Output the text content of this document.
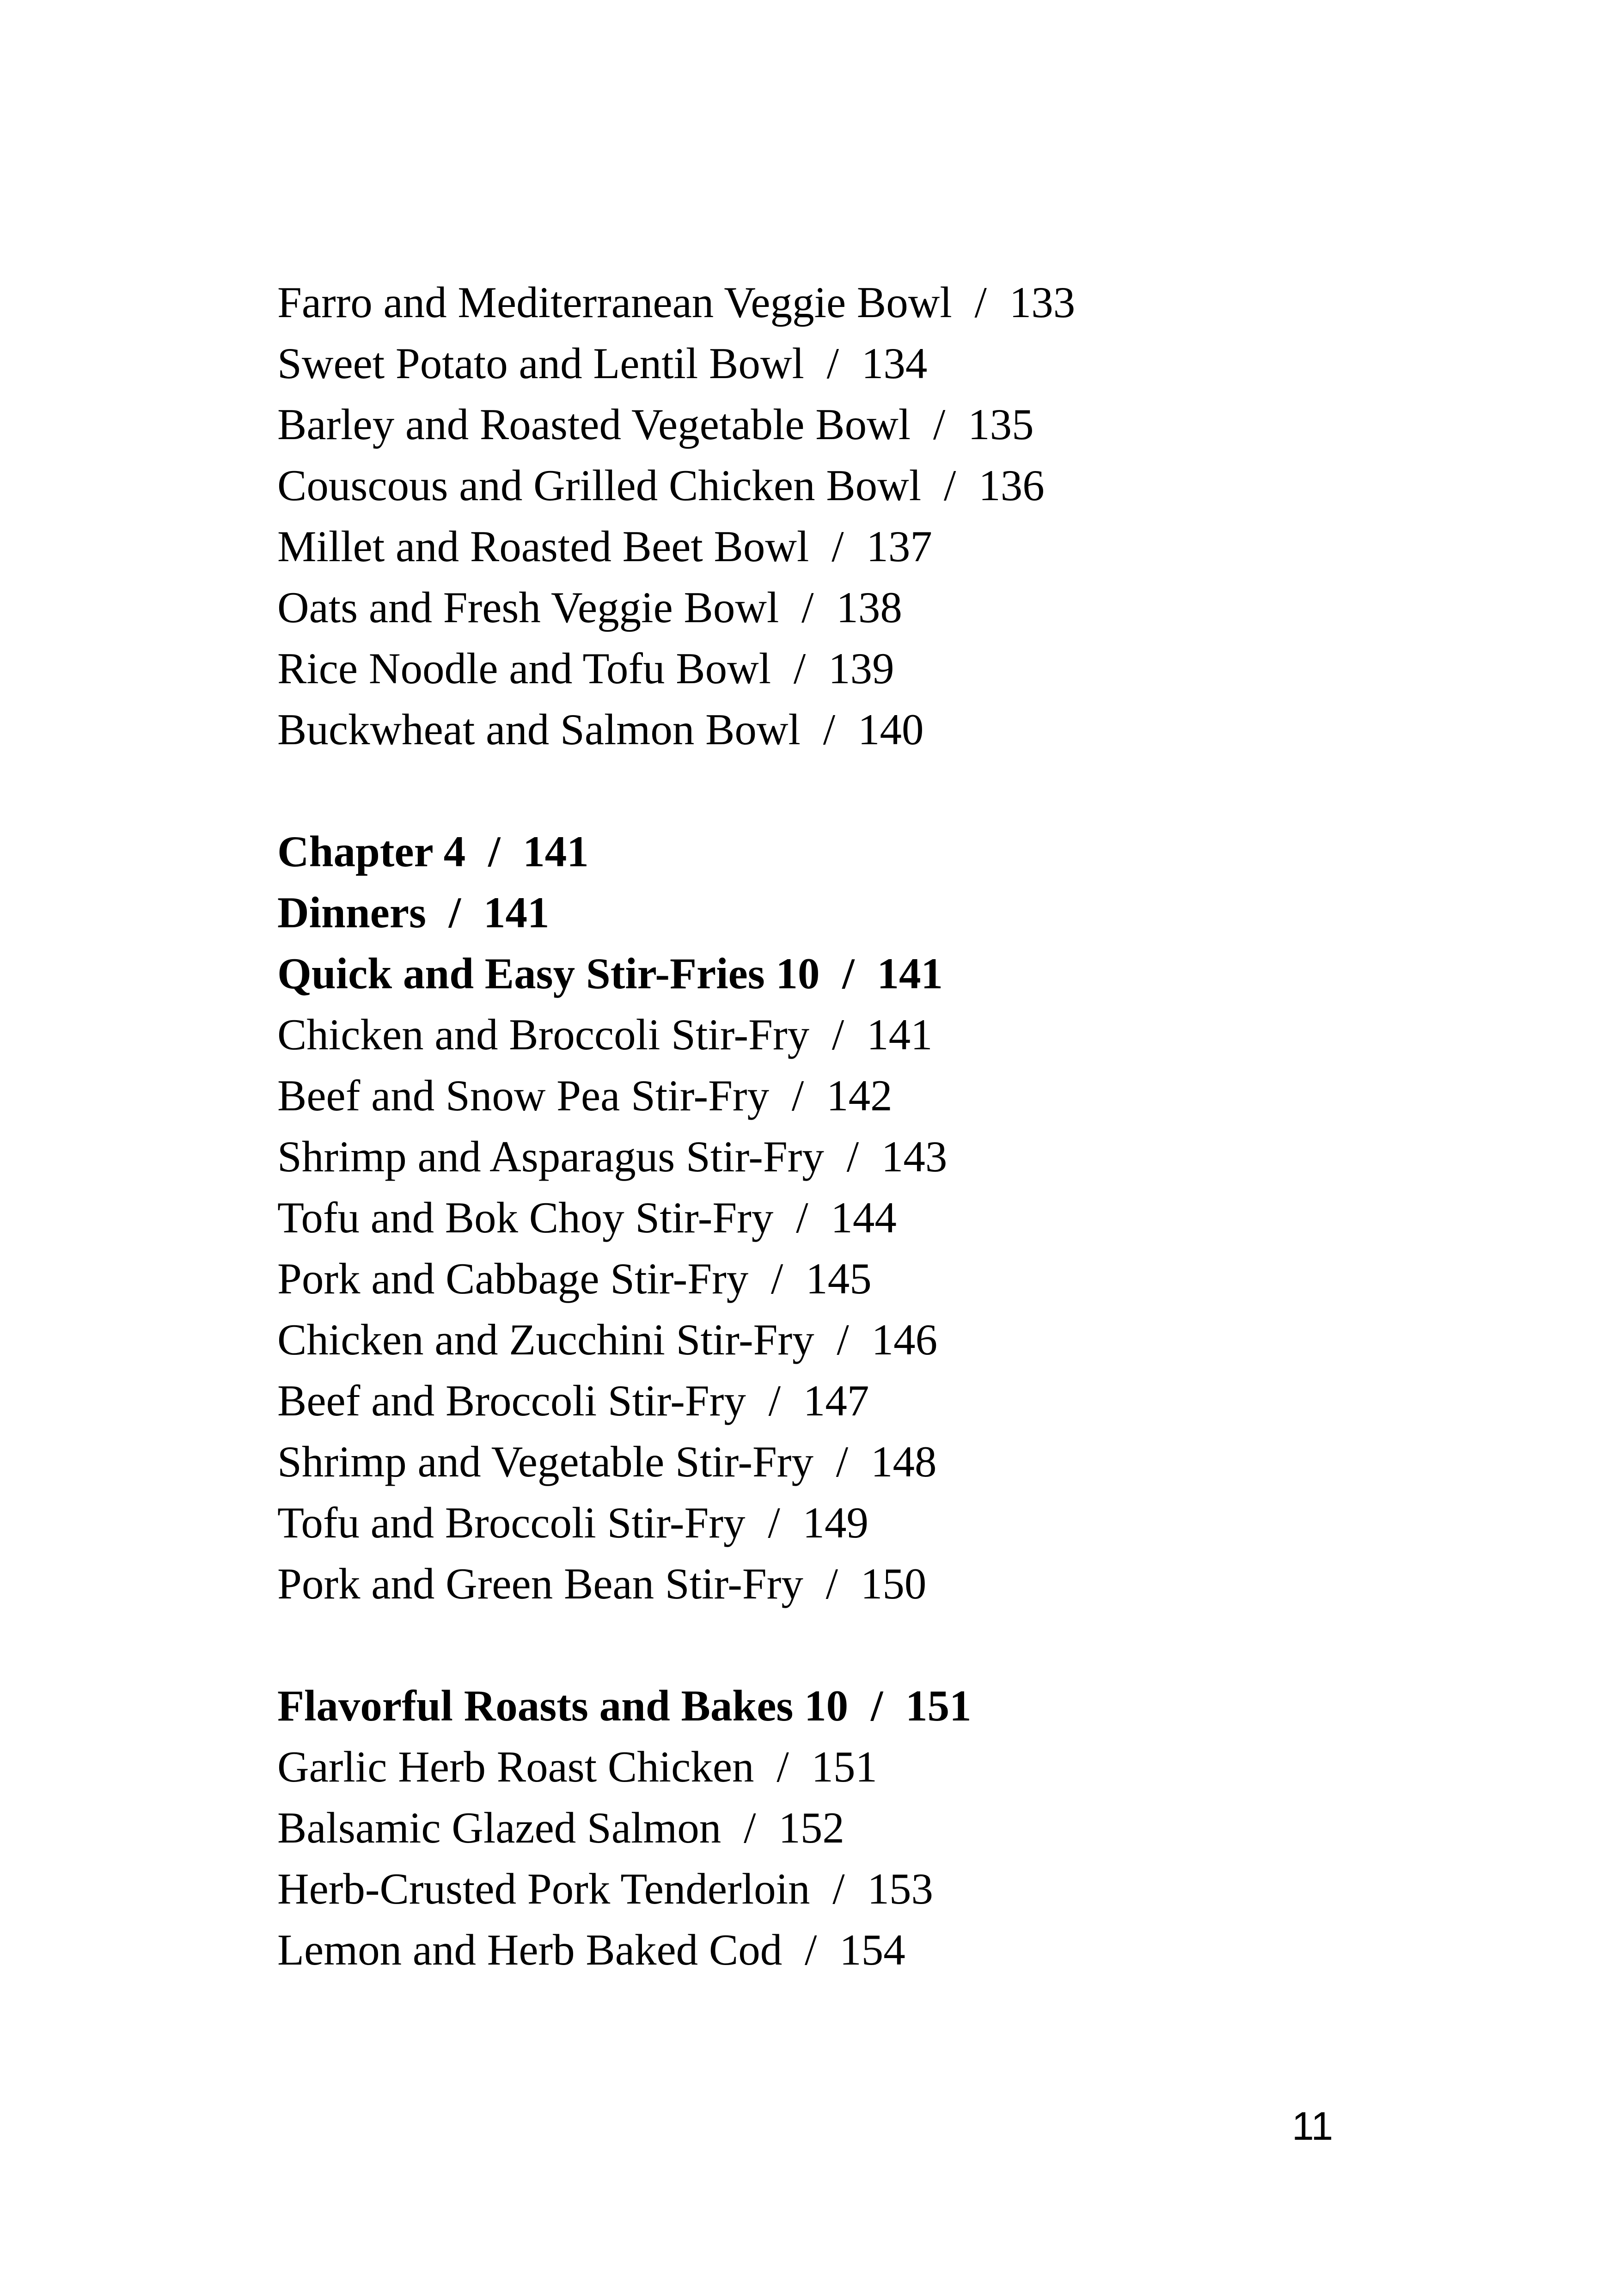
Farro and Mediterranean Veggie Bowl / 133
Sweet Potato and Lentil Bowl / 134
Barley and Roasted Vegetable Bowl / 135
Couscous and Grilled Chicken Bowl / 136
Millet and Roasted Beet Bowl / 137
Oats and Fresh Veggie Bowl / 138
Rice Noodle and Tofu Bowl / 139
Buckwheat and Salmon Bowl / 140
Chapter 4 / 141
Dinners / 141
Quick and Easy Stir-Fries 10 / 141
Chicken and Broccoli Stir-Fry / 141
Beef and Snow Pea Stir-Fry / 142
Shrimp and Asparagus Stir-Fry / 143
Tofu and Bok Choy Stir-Fry / 144
Pork and Cabbage Stir-Fry / 145
Chicken and Zucchini Stir-Fry / 146
Beef and Broccoli Stir-Fry / 147
Shrimp and Vegetable Stir-Fry / 148
Tofu and Broccoli Stir-Fry / 149
Pork and Green Bean Stir-Fry / 150
Flavorful Roasts and Bakes 10 / 151
Garlic Herb Roast Chicken / 151
Balsamic Glazed Salmon / 152
Herb-Crusted Pork Tenderloin / 153
Lemon and Herb Baked Cod / 154
11
